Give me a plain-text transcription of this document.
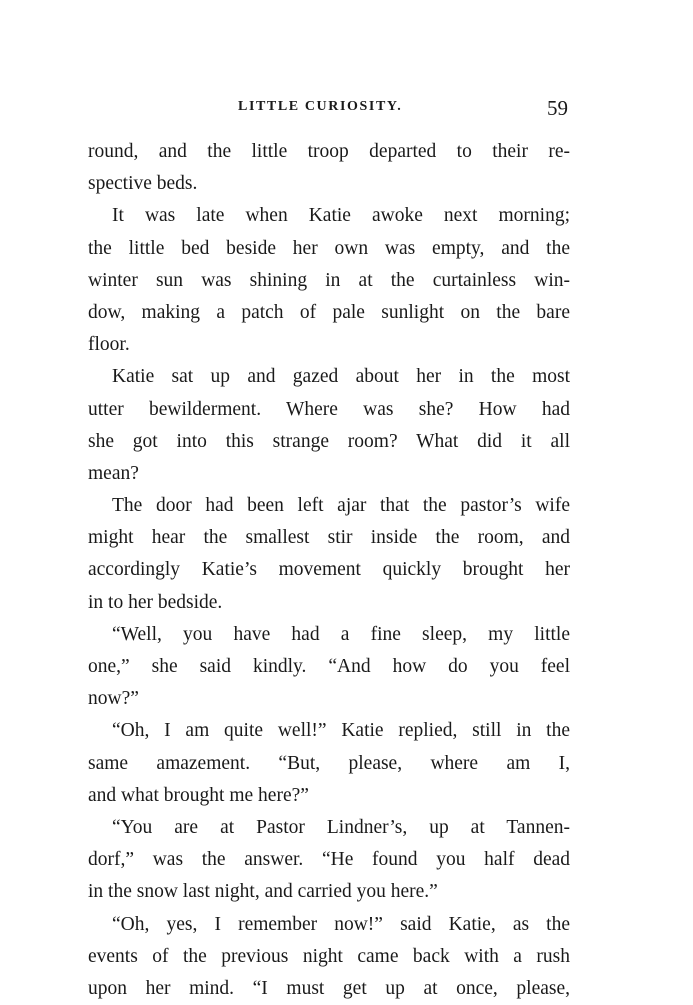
LITTLE CURIOSITY.	59
round, and the little troop departed to their re-
spective beds.
It was late when Katie awoke next morning;
the little bed beside her own was empty, and the
winter sun was shining in at the curtainless win-
dow, making a patch of pale sunlight on the bare
floor.
Katie sat up and gazed about her in the most
utter bewilderment. Where was she? How had
she got into this strange room? What did it all
mean?
The door had been left ajar that the pastor’s wife
might hear the smallest stir inside the room, and
accordingly Katie’s movement quickly brought her
in to her bedside.
“Well, you have had a fine sleep, my little
one,” she said kindly. “And how do you feel
now?”
“Oh, I am quite well!” Katie replied, still in the
same amazement. “But, please, where am I,
and what brought me here?”
“You are at Pastor Lindner’s, up at Tannen-
dorf,” was the answer. “He found you half dead
in the snow last night, and carried you here.”
“Oh, yes, I remember now!” said Katie, as the
events of the previous night came back with a rush
upon her mind. “I must get up at once, please,
